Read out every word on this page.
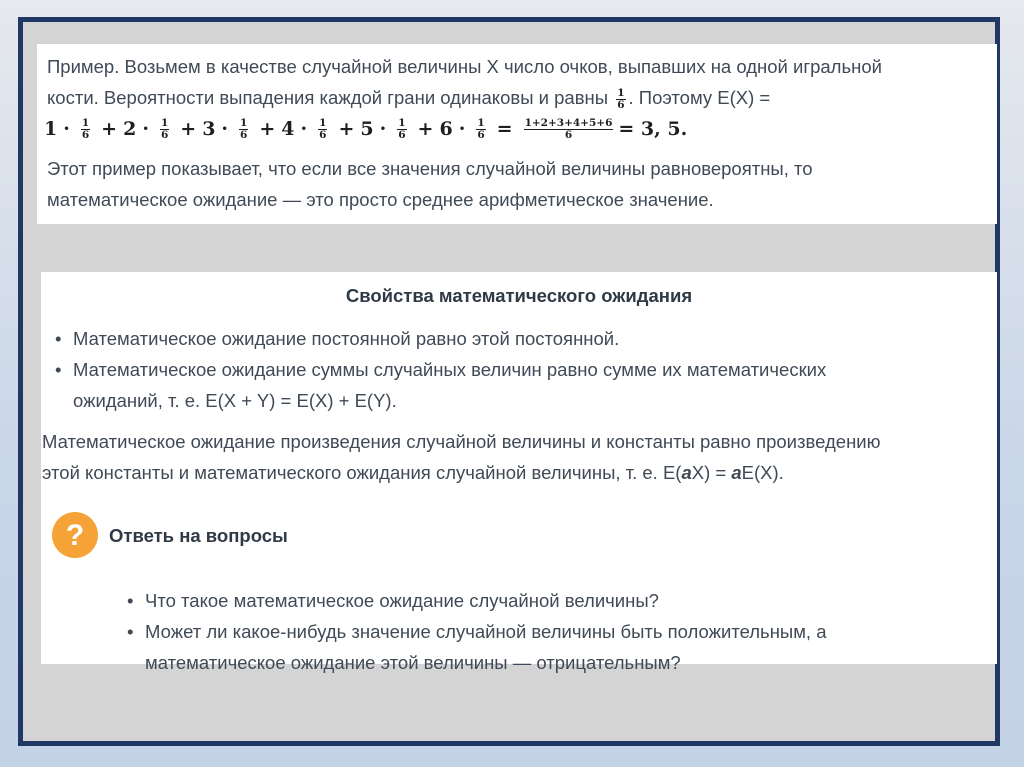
Пример. Возьмем в качестве случайной величины X число очков, выпавших на одной игральной

кости. Вероятности выпадения каждой грани одинаковы и равны $\frac{1}{6}$ . Поэтому E(X) =

$1 \cdot \frac{1}{6} + 2 \cdot \frac{1}{6} + 3 \cdot \frac{1}{6} + 4 \cdot \frac{1}{6} + 5 \cdot \frac{1}{6} + 6 \cdot \frac{1}{6} = \frac{1+2+3+4+5+6}{6} = 3$, 5.

Этот пример показывает, что если все значения случайной величины равновероятны, то

математическое ожидание — это просто среднее арифметическое значение.

Свойства математического ожидания
• Математическое ожидание постоянной равно этой постоянной.
• Математическое ожидание суммы случайных величин равно сумме их математических
ожиданий, т. е. E(X + Y) = E(X) + E(Y).
Математическое ожидание произведения случайной величины и константы равно произведению
этой константы и математического ожидания случайной величины, т. е. E(aX) = aE(X).
?	Ответь на вопросы
• Что такое математическое ожидание случайной величины?
• Может ли какое-нибудь значение случайной величины быть положительным, а
математическое ожидание этой величины — отрицательным?
